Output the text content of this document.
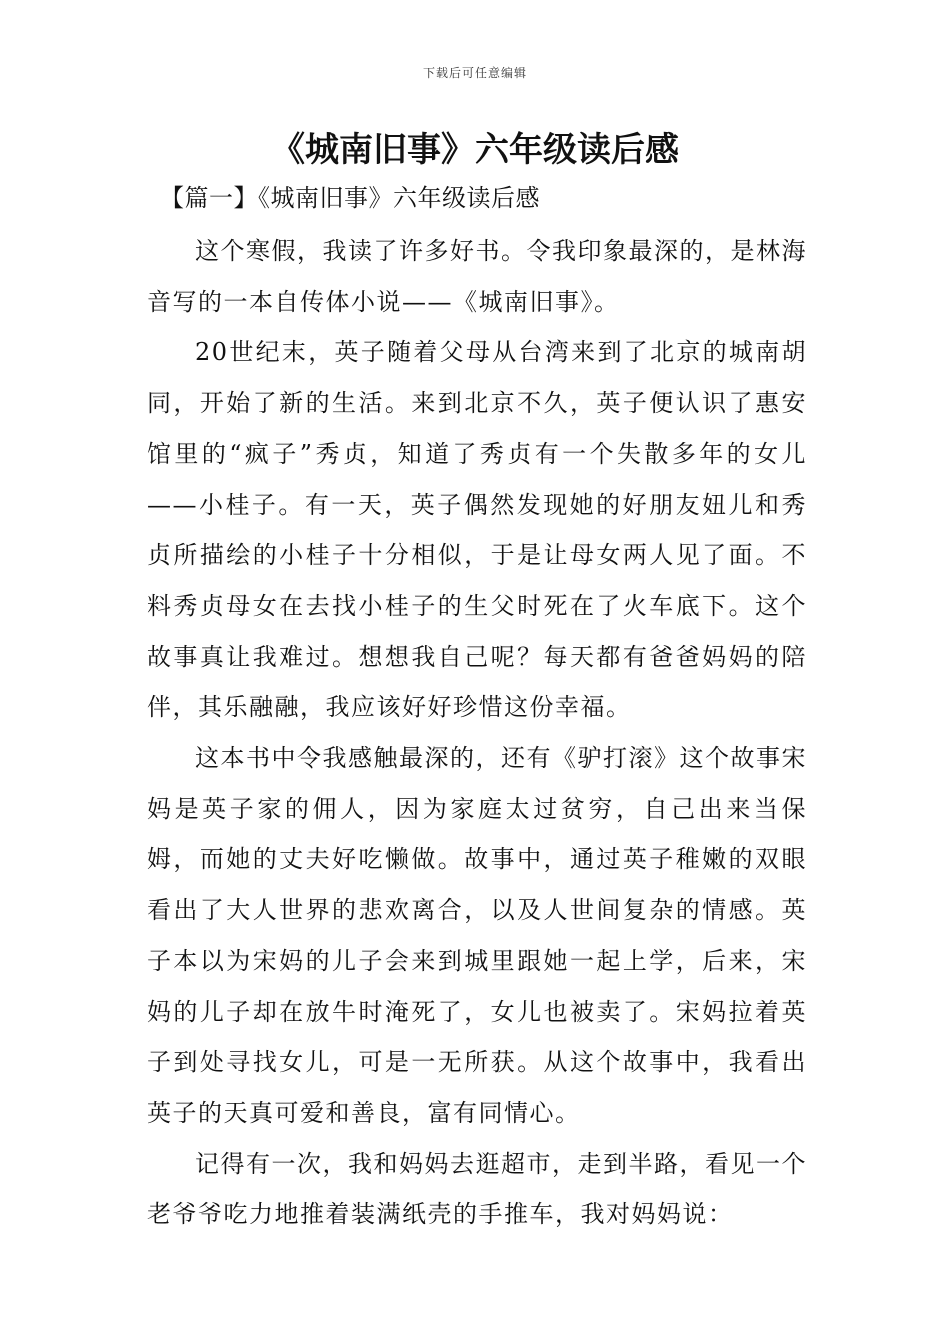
下载后可任意编辑
《城南旧事》六年级读后感

【篇一】《城南旧事》六年级读后感

这个寒假，我读了许多好书。令我印象最深的，是林海音写的一本自传体小说——《城南旧事》。

20世纪末，英子随着父母从台湾来到了北京的城南胡同，开始了新的生活。来到北京不久，英子便认识了惠安馆里的“疯子”秀贞，知道了秀贞有一个失散多年的女儿——小桂子。有一天，英子偶然发现她的好朋友妞儿和秀贞所描绘的小桂子十分相似，于是让母女两人见了面。不料秀贞母女在去找小桂子的生父时死在了火车底下。这个故事真让我难过。想想我自己呢？每天都有爸爸妈妈的陪伴，其乐融融，我应该好好珍惜这份幸福。

这本书中令我感触最深的，还有《驴打滚》这个故事宋妈是英子家的佣人，因为家庭太过贫穷，自己出来当保姆，而她的丈夫好吃懒做。故事中，通过英子稚嫩的双眼看出了大人世界的悲欢离合，以及人世间复杂的情感。英子本以为宋妈的儿子会来到城里跟她一起上学，后来，宋妈的儿子却在放牛时淹死了，女儿也被卖了。宋妈拉着英子到处寻找女儿，可是一无所获。从这个故事中，我看出英子的天真可爱和善良，富有同情心。

记得有一次，我和妈妈去逛超市，走到半路，看见一个老爷爷吃力地推着装满纸壳的手推车，我对妈妈说：
